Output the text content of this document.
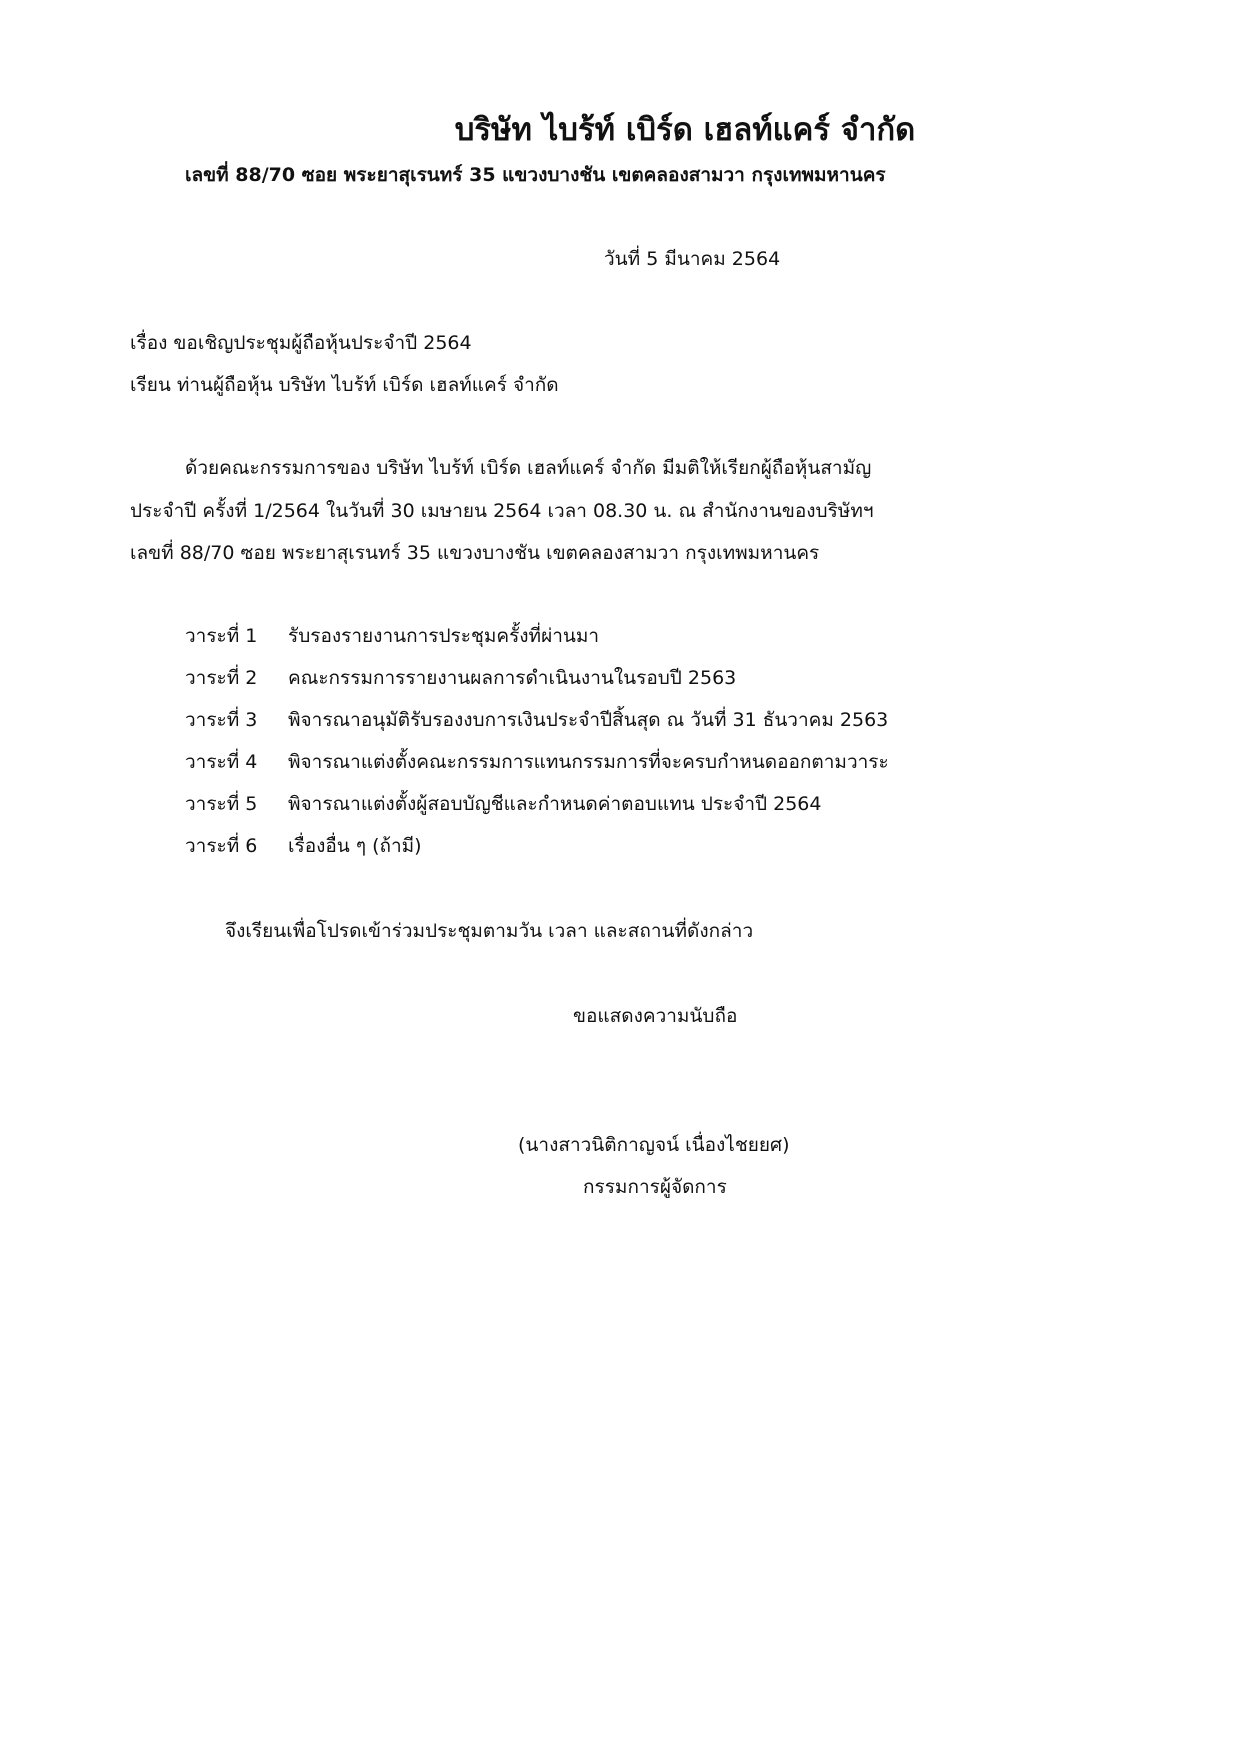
บริษัท ไบร้ท์ เบิร์ด เฮลท์แคร์ จำกัด
เลขที่ 88/70 ซอย พระยาสุเรนทร์ 35 แขวงบางชัน เขตคลองสามวา กรุงเทพมหานคร
วันที่ 5 มีนาคม 2564
เรื่อง ขอเชิญประชุมผู้ถือหุ้นประจำปี 2564
เรียน ท่านผู้ถือหุ้น บริษัท ไบร้ท์ เบิร์ด เฮลท์แคร์ จำกัด
ด้วยคณะกรรมการของ บริษัท ไบร้ท์ เบิร์ด เฮลท์แคร์ จำกัด มีมติให้เรียกผู้ถือหุ้นสามัญ
ประจำปี ครั้งที่ 1/2564 ในวันที่ 30 เมษายน 2564 เวลา 08.30 น. ณ สำนักงานของบริษัทฯ
เลขที่ 88/70 ซอย พระยาสุเรนทร์ 35 แขวงบางชัน เขตคลองสามวา กรุงเทพมหานคร
วาระที่ 1	รับรองรายงานการประชุมครั้งที่ผ่านมา
วาระที่ 2	คณะกรรมการรายงานผลการดำเนินงานในรอบปี 2563
วาระที่ 3	พิจารณาอนุมัติรับรองงบการเงินประจำปีสิ้นสุด ณ วันที่ 31 ธันวาคม 2563
วาระที่ 4	พิจารณาแต่งตั้งคณะกรรมการแทนกรรมการที่จะครบกำหนดออกตามวาระ
วาระที่ 5	พิจารณาแต่งตั้งผู้สอบบัญชีและกำหนดค่าตอบแทน ประจำปี 2564
วาระที่ 6	เรื่องอื่น ๆ (ถ้ามี)
จึงเรียนเพื่อโปรดเข้าร่วมประชุมตามวัน เวลา และสถานที่ดังกล่าว
ขอแสดงความนับถือ
(นางสาวนิติกาญจน์ เนื่องไชยยศ)
กรรมการผู้จัดการ
